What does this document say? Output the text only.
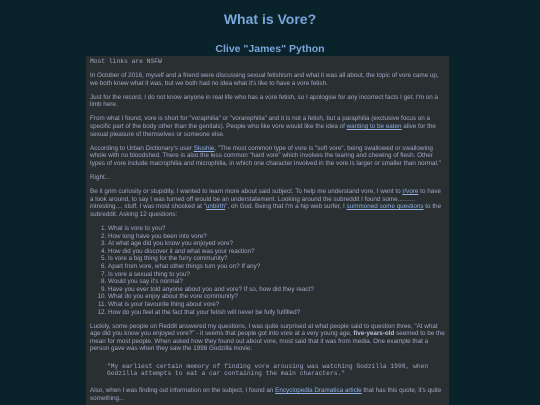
What is Vore?
Clive "James" Python

Most links are NSFW

In October of 2016, myself and a friend were discussing sexual fetishism and what it was all about, the topic of vore came up, we both knew what it was, but we both had no idea what it's like to have a vore fetish.

Just for the record, I do not know anyone in real life who has a vore fetish, so I apologise for any incorrect facts I get. I'm on a limb here.

From what I found, vore is short for "voraphilia" or "vorarephilia" and it is not a fetish, but a paraphilia (exclusive focus on a specific part of the body other than the genitals). People who like vore would like the idea of wanting to be eaten alive for the sexual pleasure of themselves or someone else.

According to Urban Dictionary's user Slushie, "The most common type of vore is "soft vore", being swallowed or swallowing whole with no bloodshed. There is also the less common "hard vore" which involves the tearing and chewing of flesh. Other types of vore include macrophilia and microphilia, in which one character involved in the vore is larger or smaller than normal."

Right...

Be it grim curiosity or stupidity, I wanted to learn more about said subject. To help me understand vore, I went to r/vore to have a look around, to say I was turned off would be an understatement. Looking around the subreddit I found some.......... intresting.... stuff. I was most shocked at "unbirth", oh God. Being that I'm a hip web surfer, I summoned some questions to the subreddit. Asking 12 questions:

1. What is vore to you?
2. How long have you been into vore?
3. At what age did you know you enjoyed vore?
4. How did you discover it and what was your reaction?
5. Is vore a big thing for the furry community?
6. Apart from vore, what other things turn you on? If any?
7. Is vore a sexual thing to you?
8. Would you say it's normal?
9. Have you ever told anyone about you and vore? If so, how did they react?
10. What do you enjoy about the vore community?
11. What is your favourite thing about vore?
12. How do you feel at the fact that your fetish will never be fully fulfilled?

Luckily, some people on Reddit answered my questions, I was quite surprised at what people said to question three, "At what age did you know you enjoyed vore?" - it seems that people got into vore at a very young age, five-years-old seemed to be the mean for most people. When asked how they found out about vore, most said that it was from media. One example that a person gave was when they saw the 1998 Godzilla movie;

"My earliest certain memory of finding vore arousing was watching Godzilla 1998, when Godzilla attempts to eat a car containing the main characters."

Also, when I was finding out information on the subject, I found an Encyclopedia Dramatica article that has this quote, it's quite something...
